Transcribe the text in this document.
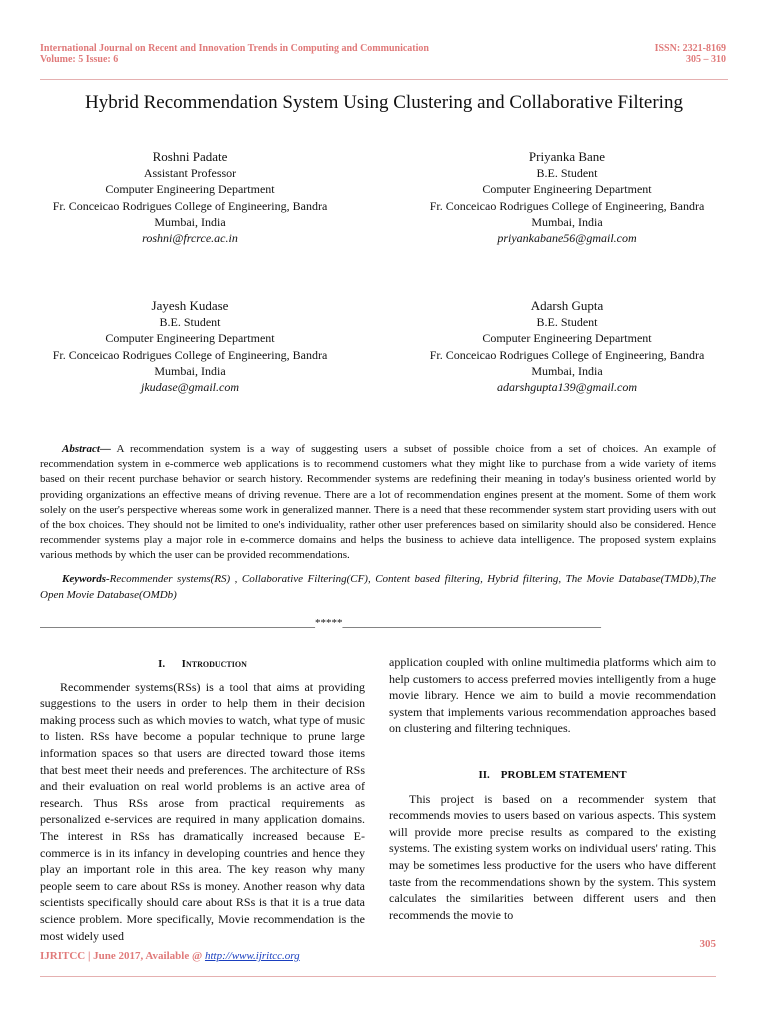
International Journal on Recent and Innovation Trends in Computing and Communication
Volume: 5 Issue: 6
ISSN: 2321-8169
305 – 310
Hybrid Recommendation System Using Clustering and Collaborative Filtering
Roshni Padate
Assistant Professor
Computer Engineering Department
Fr. Conceicao Rodrigues College of Engineering, Bandra
Mumbai, India
roshni@frcrce.ac.in
Priyanka Bane
B.E. Student
Computer Engineering Department
Fr. Conceicao Rodrigues College of Engineering, Bandra
Mumbai, India
priyankabane56@gmail.com
Jayesh Kudase
B.E. Student
Computer Engineering Department
Fr. Conceicao Rodrigues College of Engineering, Bandra
Mumbai, India
jkudase@gmail.com
Adarsh Gupta
B.E. Student
Computer Engineering Department
Fr. Conceicao Rodrigues College of Engineering, Bandra
Mumbai, India
adarshgupta139@gmail.com
Abstract— A recommendation system is a way of suggesting users a subset of possible choice from a set of choices. An example of recommendation system in e-commerce web applications is to recommend customers what they might like to purchase from a wide variety of items based on their recent purchase behavior or search history. Recommender systems are redefining their meaning in today's business oriented world by providing organizations an effective means of driving revenue. There are a lot of recommendation engines present at the moment. Some of them work solely on the user's perspective whereas some work in generalized manner. There is a need that these recommender system start providing users with out of the box choices. They should not be limited to one's individuality, rather other user preferences based on similarity should also be considered. Hence recommender systems play a major role in e-commerce domains and helps the business to achieve data intelligence. The proposed system explains various methods by which the user can be provided recommendations.
Keywords-Recommender systems(RS) , Collaborative Filtering(CF), Content based filtering, Hybrid filtering, The Movie Database(TMDb),The Open Movie Database(OMDb)
__________________________________________________*****_______________________________________________

I. Introduction

Recommender systems(RSs) is a tool that aims at providing suggestions to the users in order to help them in their decision making process such as which movies to watch, what type of music to listen. RSs have become a popular technique to prune large information spaces so that users are directed toward those items that best meet their needs and preferences. The architecture of RSs and their evaluation on real world problems is an active area of research. Thus RSs arose from practical requirements as personalized e-services are required in many application domains. The interest in RSs has dramatically increased because E-commerce is in its infancy in developing countries and hence they play an important role in this area. The key reason why many people seem to care about RSs is money. Another reason why data scientists specifically should care about RSs is that it is a true data science problem. More specifically, Movie recommendation is the most widely used

application coupled with online multimedia platforms which aim to help customers to access preferred movies intelligently from a huge movie library. Hence we aim to build a movie recommendation system that implements various recommendation approaches based on clustering and filtering techniques.

II. PROBLEM STATEMENT

This project is based on a recommender system that recommends movies to users based on various aspects. This system will provide more precise results as compared to the existing systems. The existing system works on individual users' rating. This may be sometimes less productive for the users who have different taste from the recommendations shown by the system. This system calculates the similarities between different users and then recommends the movie to

305
IJRITCC | June 2017, Available @ http://www.ijritcc.org
